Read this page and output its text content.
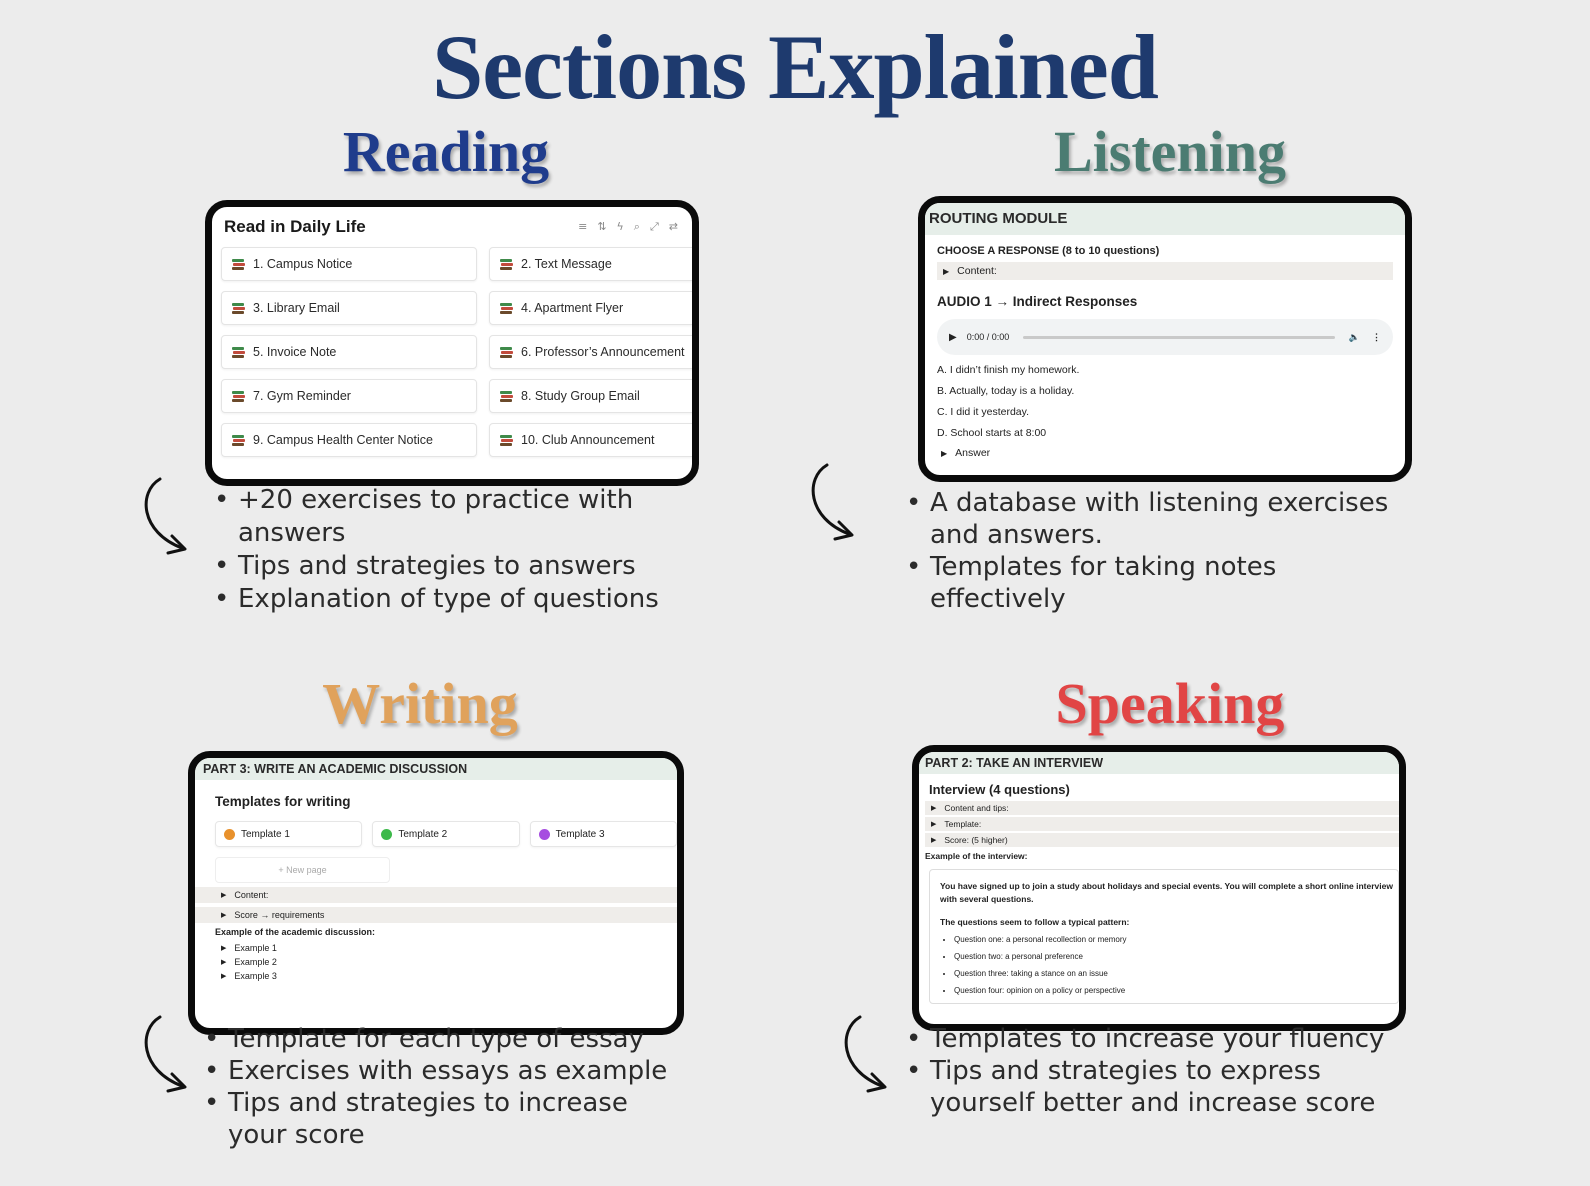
Sections Explained
Reading	Listening
Writing	Speaking
Read in Daily Life	≡ ⇅ ϟ ⌕ ⤢ ⇄
1. Campus Notice	2. Text Message
3. Library Email	4. Apartment Flyer
5. Invoice Note	6. Professor’s Announcement
7. Gym Reminder	8. Study Group Email
9. Campus Health Center Notice	10. Club Announcement
ROUTING MODULE
CHOOSE A RESPONSE (8 to 10 questions)
▶ Content:
AUDIO 1 → Indirect Responses
▶ 0:00 / 0:00	🔈 ⋮
A. I didn’t finish my homework.
B. Actually, today is a holiday.
C. I did it yesterday.
D. School starts at 8:00
▶ Answer
PART 3: WRITE AN ACADEMIC DISCUSSION
Templates for writing
Template 1	Template 2	Template 3
+ New page
▶ Content:
▶ Score → requirements
Example of the academic discussion:
▶ Example 1
▶ Example 2
▶ Example 3
PART 2: TAKE AN INTERVIEW
Interview (4 questions)
▶ Content and tips:
▶ Template:
▶ Score: (5 higher)
Example of the interview:
You have signed up to join a study about holidays and special events. You will complete a short online interview with several questions.
The questions seem to follow a typical pattern:
• Question one: a personal recollection or memory
• Question two: a personal preference
• Question three: taking a stance on an issue
• Question four: opinion on a policy or perspective
• +20 exercises to practice with answers
• Tips and strategies to answers
• Explanation of type of questions
• A database with listening exercises and answers.
• Templates for taking notes effectively
• Template for each type of essay
• Exercises with essays as example
• Tips and strategies to increase your score
• Templates to increase your fluency
• Tips and strategies to express yourself better and increase score
